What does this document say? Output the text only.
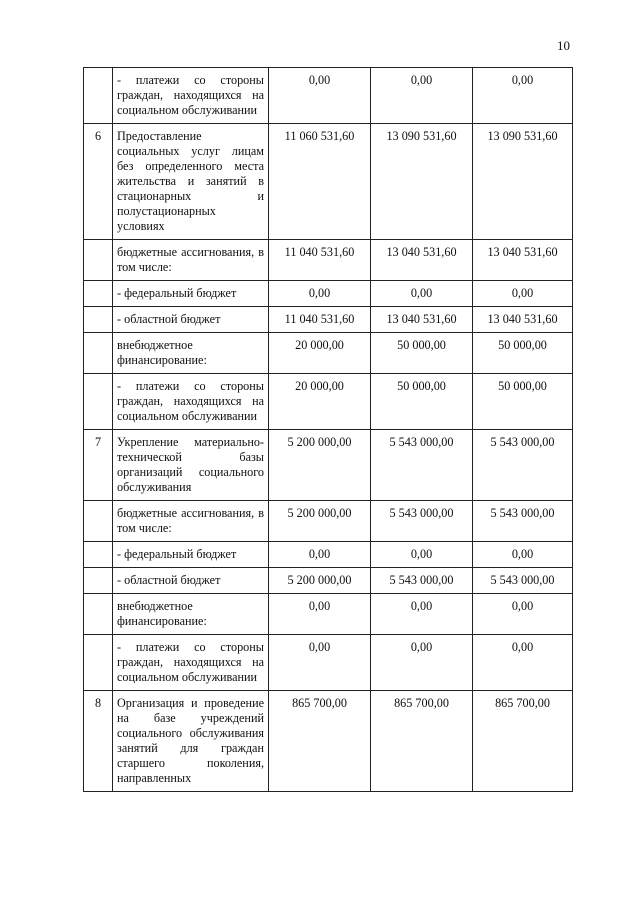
10
	- платежи со стороны граждан, находящихся на социальном обслуживании	0,00	0,00	0,00
6	Предоставление социальных услуг лицам без определенного места жительства и занятий в стационарных и полустационарных условиях	11 060 531,60	13 090 531,60	13 090 531,60
	бюджетные ассигнования, в том числе:	11 040 531,60	13 040 531,60	13 040 531,60
	- федеральный бюджет	0,00	0,00	0,00
	- областной бюджет	11 040 531,60	13 040 531,60	13 040 531,60
	внебюджетное финансирование:	20 000,00	50 000,00	50 000,00
	- платежи со стороны граждан, находящихся на социальном обслуживании	20 000,00	50 000,00	50 000,00
7	Укрепление материально-технической базы организаций социального обслуживания	5 200 000,00	5 543 000,00	5 543 000,00
	бюджетные ассигнования, в том числе:	5 200 000,00	5 543 000,00	5 543 000,00
	- федеральный бюджет	0,00	0,00	0,00
	- областной бюджет	5 200 000,00	5 543 000,00	5 543 000,00
	внебюджетное финансирование:	0,00	0,00	0,00
	- платежи со стороны граждан, находящихся на социальном обслуживании	0,00	0,00	0,00
8	Организация и проведение на базе учреждений социального обслуживания занятий для граждан старшего поколения, направленных	865 700,00	865 700,00	865 700,00
